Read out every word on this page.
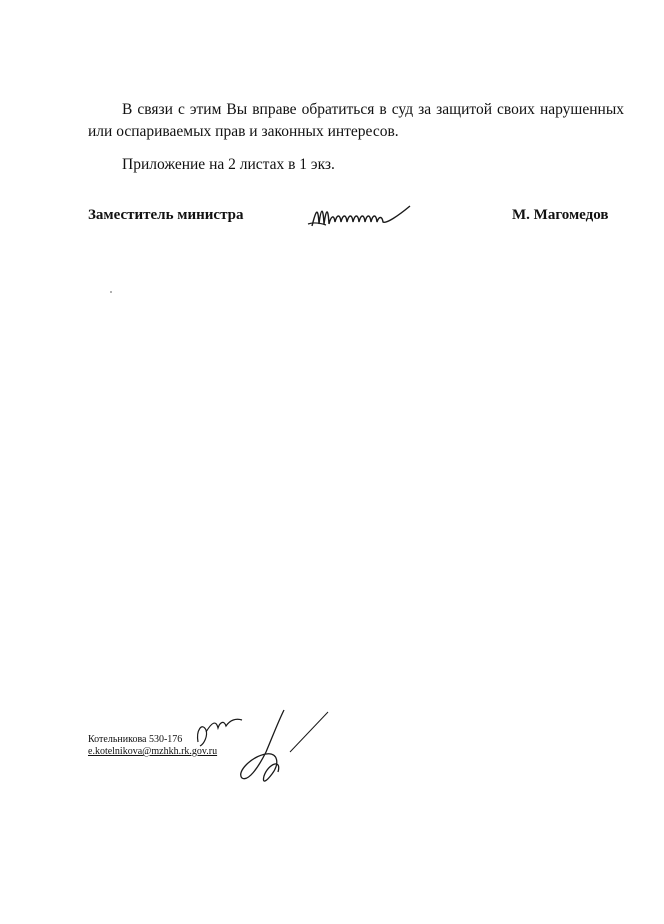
В связи с этим Вы вправе обратиться в суд за защитой своих нарушенных или оспариваемых прав и законных интересов.

Приложение на 2 листах в 1 экз.

Заместитель министра	М. Магомедов
Котельникова 530-176
e.kotelnikova@mzhkh.rk.gov.ru
